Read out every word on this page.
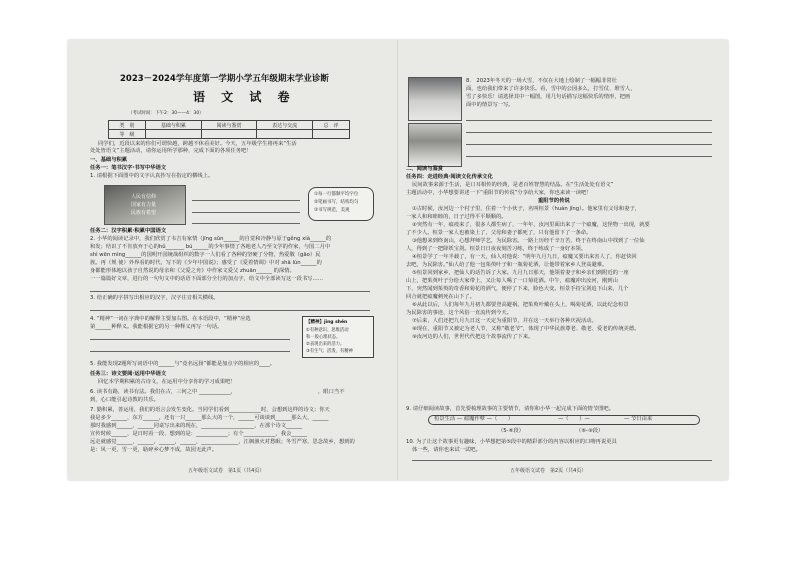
2023－2024学年度第一学期小学五年级期末学业诊断
语 文 试 卷
（考试时间：下午2：30——4：30）
类　别	基础与积累	阅读与鉴赏	表达与交流	总　评
等　级				
同学们，近段以来的你们可谓快越，跨越不休看美好。今天，五年级学生将再来“生活
处处皆语文”主题活动，请你运用所学那种，完成下面的各项任务吧！
一、基础与积累
任务一：笔书汉字·书写中华语文
1. 请根据下面图中的文字认真抄写在指定的横线上。
人民有信仰
国家有力量
民族有希望
①每一行都顺平均字位
②笔画书写，结构均匀
③书写规范，美观
任务二：汉字积累·积累中国语文
2. 小华的阅读记录中，我们欣赏了韦吉有家情（jīng sǔn______的自觉和冷静与原于ɡěnɡ xià______的
和发；结识了不肯放弃于心的hǔ_______ bú______的少年事情了各地老人乃至文学的作家，与国二月中
shì wēn mìng______的国明开国统战组织的数字一人们看了各种的坚硬了分物，热爱敬（gāo）民
族。再（规 使）外界看的时代，写下的《少年中国说》；感受了《爱着情调》中对 shā lún______的
身都能形体地以孩子自然说的母亲和《父爱之舟》中作家文爱父 zhuān______ 的深情。
一一篇篇好文章，进行的一句句文中的话语下面部分全行的加点字，给文中全部读写这一段书写……
3. 给正确的字拼写出相应的汉字，汉字注音相关横线。
4. “精神”一词在字典中的解释主要加右图。在本语段中，“精神”应选
第______种释义。我能根据它的另一种释义再写一句话。
【精神】jīng shén
①有种意识、思维活动
和一般心理状态。
②表现出来的活力。
③有生气；活泼，有精神
5. 我能发现2题所写词语中的______与“竟名远扬”都能是加点字的相应的____。
任务三：诗文要阅·运用中华语文
回忆本学期积累的古诗文，在运用中分享你的学习成果吧！
6. 读书有路，读书有法。我们在古，三何之中 ____________，	，眼口当不
到，心口能引起诗教的共乐。
7. 勤积累，善运用，我们的语言会发生变化。当同学们看到____________时，会想到这样的诗文；你天
我是多少______，东方______，还有一只______那么大的一个，______可谈谈到______那么大，______
那时我感到______，______同桌写出来的现在，____________________，在那个诗文______
宣传时候______，是日时看一段、想到的是：____________；有个____________，我会______
远走就感觉______，______，______，______，______________，江枫渔火对愁眠；冬雪严寒，思念故乡，想到的
是：风一更，雪一更，聒碎乡心梦不成，故园无此声。
五年级语文试卷　第1页（共4页）
8.　2023年冬天的一场大雪，不仅在大地上绘制了一幅幅非常壮
面，也给我们带来了许多快乐。看，雪中的公园多么，打雪仗、堆雪人，
雪了多快乐！请选择其中一幅图，用几句话描写这幅快乐的情形，把画
面中的情景写一写。
二、阅读与鉴赏
任务四：走进经典·阅读文化传承文化
民间故事来源于生活，是口耳相传的经典，是老百姓智慧的结晶。在“生活处处有语文”
主题活动中，小华想要讲述一下“重阳节的传说”分享给大家，你也来读一读吧！
重阳节的传说
①古时候，汝河边一个村子里，住着一个小伙子，名叫桓景（huán jǐng）。他家里有父母和妻子，
一家人和和睦睦的，日子过得平平顺顺的。
②突然有一年，瘟疫来了，很多人都生病了，一年年，汝河里面出来了一个瘟魔，这怪物一出现，就要
了不少人。桓景一家人也被染上了，父母和妻子都死了，只有他留下了一条命。
③他想来到终南山，心想拜师学艺，为民除害。一路上历经千辛万苦，终于在终南山中找到了一位仙
人，得到了一把降妖宝剑。桓景日日夜夜刻苦习练，终于练成了一身好本领。
④桓景学了一年半载了，有一天，仙人对他说：“明年九月九日，瘟魔又要出来害人了，你赶快回
去吧，为民除害。”仙人给了他一包茱萸叶子和一瓶菊花酒，让他带着家乡人登高避难。
⑤桓景回到家乡，把仙人的话告诉了大家。九月九日那天，他领着妻子和乡亲们到附近的一座
山上，把茱萸叶子分给大家带上，又让每人喝了一口菊花酒。中午，瘟魔冲出汝河，刚到山
下，突然闻到茱萸的奇香和菊花的酒气，便停了下来，脸色大变。桓景手持宝剑追下山来，几个
回合就把瘟魔刺死在山下了。
⑥从此以后，人们每年九月初九都要登高避祸，把茱萸叶戴在头上，喝菊花酒，以此纪念桓景
为民除害的事迹，这个风俗一直流传到今天。
⑦后来，人们还把九月九日这一天定为重阳节，并在这一天举行各种庆祝活动。
⑧现在，重阳节又被定为老人节，又称“敬老节”，体现了中华民族尊老、敬老、爱老的传统美德。
⑨汝河边的人们，世世代代把这个故事流传了下来。
9. 请仔细阅读故事，首先要梳理故事的主要情节，请你和小华一起完成下面的情节图吧。
桓景生活 — 瘟魔作孽 —（　　）	—（　　）—	— 节日由来
（5-⑥段）	（⑥-⑨段）
10. 为了让这个故事更有趣味，小华想把第⑤段中的精彩部分的内容以相应的口吻再说更具
体一些，请你也来试一试吧。
五年级语文试卷　第2页（共4页）
